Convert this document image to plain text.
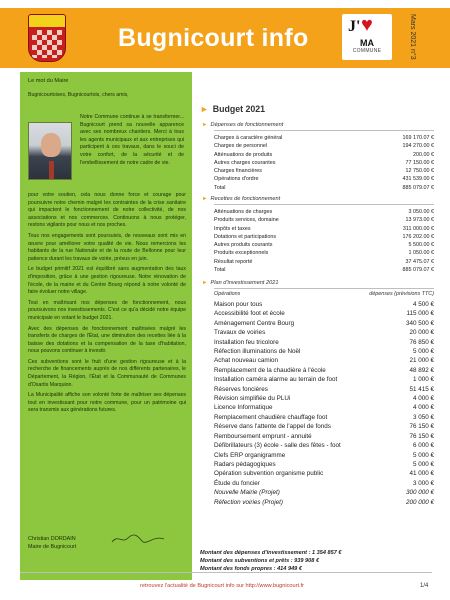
Bugnicourt info J' ♥
MA
COMMUNE	Mars 2021 n°3

Le mot du Maire

Bugnicourtoises, Bugnicourtois, chers amis,

Notre Commune continue à se transformer... Bugnicourt prend sa nouvelle apparence avec ses nombreux chantiers. Merci à tous les agents municipaux et aux entreprises qui participent à ces travaux, dans le souci de votre confort, de la sécurité et de l'embellissement de notre cadre de vie.

pour votre soutien, cela nous donne force et courage pour poursuivre notre chemin malgré les contraintes de la crise sanitaire qui impactent le fonctionnement de notre collectivité, de nos associations et nos commerces. Continuons à nous protéger, restons vigilants pour nous et nos proches.

Tous nos engagements sont poursuivis, de nouveaux sont mis en œuvre pour améliorer votre qualité de vie. Nous remercions les habitants de la rue Nationale et de la route de Bellonne pour leur patience durant les travaux de voirie, prévus en juin.

Le budget primitif 2021 est équilibré sans augmentation des taux d'imposition, grâce à une gestion rigoureuse. Notre rénovation de l'école, de la mairie et du Centre Bourg répond à notre volonté de faire évoluer notre village.

Tout en maîtrisant nos dépenses de fonctionnement, nous poursuivons nos investissements. C'est ce qu'a décidé notre équipe municipale en votant le budget 2021.

Avec des dépenses de fonctionnement maîtrisées malgré les transferts de charges de l'État, une diminution des recettes liée à la baisse des dotations et la compensation de la taxe d'habitation, nous pouvons continuer à investir.

Ces subventions sont le fruit d'une gestion rigoureuse et à la recherche de financements auprès de nos différents partenaires, le Département, la Région, l'État et la Communauté de Communes d'Osartis Marquion.

La Municipalité affiche son volonté forte de maîtriser ses dépenses tout en investissant pour notre commune, pour un patrimoine qui sera transmis aux générations futures.

Christian DORDAIN
Maire de Bugnicourt
► Budget 2021
► Dépenses de fonctionnement
Charges à caractère général	169 170.07 €
Charges de personnel	194 270.00 €
Atténuations de produits	200.00 €
Autres charges courantes	77 150.00 €
Charges financières	12 750.00 €
Opérations d'ordre	431 539.00 €
Total	885 079.07 €
► Recettes de fonctionnement
Atténuations de charges	3 050.00 €
Produits services, domaine	13 973.00 €
Impôts et taxes	311 000.00 €
Dotations et participations	176 202.00 €
Autres produits courants	5 500.00 €
Produits exceptionnels	1 050.00 €
Résultat reporté	37 475.07 €
Total	885 079.07 €
► Plan d'investissement 2021
Opérations	dépenses (prévisions TTC)
Maison pour tous	4 500 €
Accessibilité foot et école	115 000 €
Aménagement Centre Bourg	340 500 €
Travaux de voiries	20 000 €
Installation feu tricolore	76 850 €
Réfection illuminations de Noël	5 000 €
Achat nouveau camion	21 000 €
Remplacement de la chaudière à l'école	48 892 €
Installation caméra alarme au terrain de foot	1 000 €
Réserves foncières	51 415 €
Révision simplifiée du PLUi	4 000 €
Licence Informatique	4 000 €
Remplacement chaudière chauffage foot	3 050 €
Réserve dans l'attente de l'appel de fonds	76 150 €
Remboursement emprunt - annuité	76 150 €
Défibrillateurs (3) école - salle des fêtes - foot	6 000 €
Clefs ERP organigramme	5 000 €
Radars pédagogiques	5 000 €
Opération subvention organisme public	41 000 €
Étude du foncier	3 000 €
Nouvelle Mairie (Projet)	300 000 €
Réfection voiries (Projet)	200 000 €

Montant des dépenses d'investissement : 1 354 857 €

Montant des subventions et prêts : 939 908 €

Montant des fonds propres : 414 949 €

retrouvez l'actualité de Bugnicourt info sur http://www.bugnicourt.fr	1/4
